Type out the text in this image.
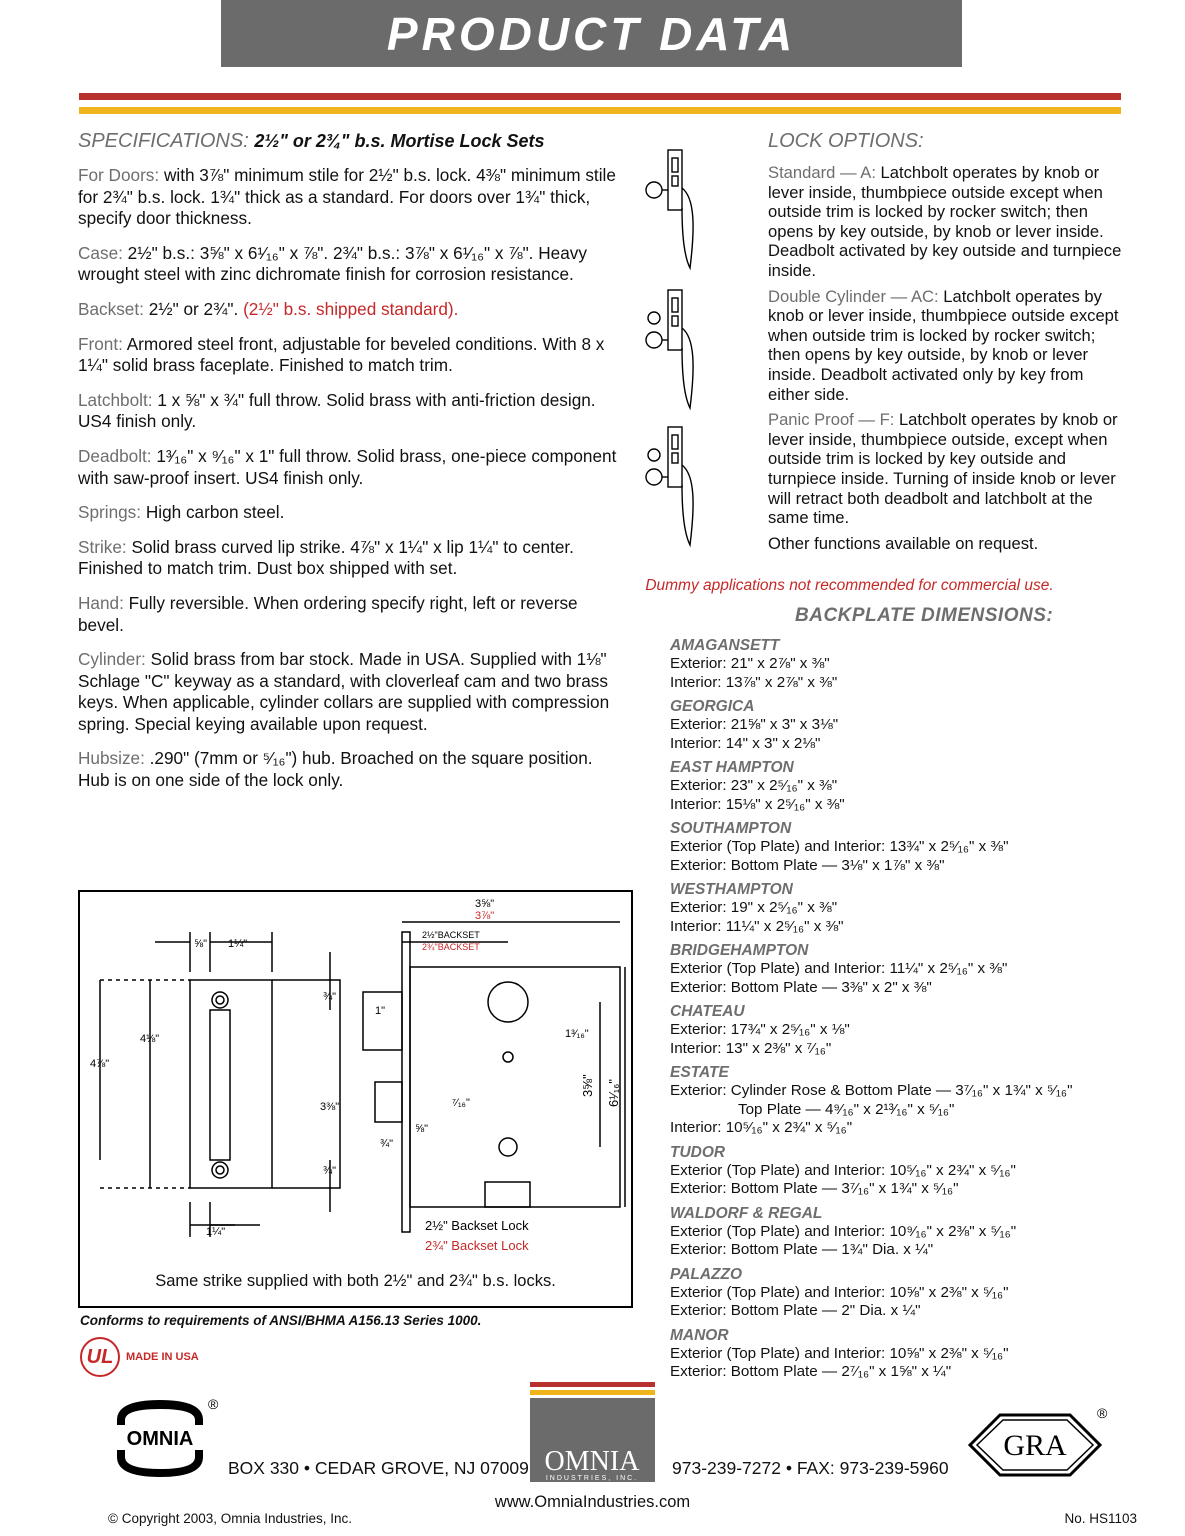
PRODUCT DATA
SPECIFICATIONS: 2½" or 2¾" b.s. Mortise Lock Sets
For Doors: with 3⅞" minimum stile for 2½" b.s. lock. 4⅜" minimum stile for 2¾" b.s. lock. 1¾" thick as a standard. For doors over 1¾" thick, specify door thickness.
Case: 2½" b.s.: 3⅝" x 6¹⁄₁₆" x ⅞". 2¾" b.s.: 3⅞" x 6¹⁄₁₆" x ⅞". Heavy wrought steel with zinc dichromate finish for corrosion resistance.
Backset: 2½" or 2¾". (2½" b.s. shipped standard).
Front: Armored steel front, adjustable for beveled conditions. With 8 x 1¼" solid brass faceplate. Finished to match trim.
Latchbolt: 1 x ⅝" x ¾" full throw. Solid brass with anti-friction design. US4 finish only.
Deadbolt: 1³⁄₁₆" x ⁹⁄₁₆" x 1" full throw. Solid brass, one-piece component with saw-proof insert. US4 finish only.
Springs: High carbon steel.
Strike: Solid brass curved lip strike. 4⅞" x 1¼" x lip 1¼" to center. Finished to match trim. Dust box shipped with set.
Hand: Fully reversible. When ordering specify right, left or reverse bevel.
Cylinder: Solid brass from bar stock. Made in USA. Supplied with 1⅛" Schlage "C" keyway as a standard, with cloverleaf cam and two brass keys. When applicable, cylinder collars are supplied with compression spring. Special keying available upon request.
Hubsize: .290" (7mm or ⁵⁄₁₆") hub. Broached on the square position. Hub is on one side of the lock only.
⅝" 1¼"
¾"
4⅛"
4⅞"
3⅜"
¾"
1¼"
3⅝"
3⅞"
2½"BACKSET
2¾"BACKSET
1"
1³⁄₁₆"
⁷⁄₁₆"
⅝"
¾"
3⅝" 6¹⁄₁₆"
2½" Backset Lock
2¾" Backset Lock
Same strike supplied with both 2½" and 2¾" b.s. locks.
Conforms to requirements of ANSI/BHMA A156.13 Series 1000.
UL	MADE IN USA
LOCK OPTIONS:
Standard — A: Latchbolt operates by knob or lever inside, thumbpiece outside except when outside trim is locked by rocker switch; then opens by key outside, by knob or lever inside. Deadbolt activated by key outside and turnpiece inside.
Double Cylinder — AC: Latchbolt operates by knob or lever inside, thumbpiece outside except when outside trim is locked by rocker switch; then opens by key outside, by knob or lever inside. Deadbolt activated only by key from either side.
Panic Proof — F: Latchbolt operates by knob or lever inside, thumbpiece outside, except when outside trim is locked by key outside and turnpiece inside. Turning of inside knob or lever will retract both deadbolt and latchbolt at the same time.
Other functions available on request.
Dummy applications not recommended for commercial use.
BACKPLATE DIMENSIONS:
AMAGANSETT
Exterior: 21" x 2⅞" x ⅜"
Interior: 13⅞" x 2⅞" x ⅜"
GEORGICA
Exterior: 21⅝" x 3" x 3⅛"
Interior: 14" x 3" x 2⅛"
EAST HAMPTON
Exterior: 23" x 2⁵⁄₁₆" x ⅜"
Interior: 15⅛" x 2⁵⁄₁₆" x ⅜"
SOUTHAMPTON
Exterior (Top Plate) and Interior: 13¾" x 2⁵⁄₁₆" x ⅜"
Exterior: Bottom Plate — 3⅛" x 1⅞" x ⅜"
WESTHAMPTON
Exterior: 19" x 2⁵⁄₁₆" x ⅜"
Interior: 11¼" x 2⁵⁄₁₆" x ⅜"
BRIDGEHAMPTON
Exterior (Top Plate) and Interior: 11¼" x 2⁵⁄₁₆" x ⅜"
Exterior: Bottom Plate — 3⅜" x 2" x ⅜"
CHATEAU
Exterior: 17¾" x 2⁵⁄₁₆" x ⅛"
Interior: 13" x 2⅜" x ⁷⁄₁₆"
ESTATE
Exterior: Cylinder Rose & Bottom Plate — 3⁷⁄₁₆" x 1¾" x ⁵⁄₁₆"
Top Plate — 4⁹⁄₁₆" x 2¹³⁄₁₆" x ⁵⁄₁₆"
Interior: 10⁵⁄₁₆" x 2¾" x ⁵⁄₁₆"
TUDOR
Exterior (Top Plate) and Interior: 10⁵⁄₁₆" x 2¾" x ⁵⁄₁₆"
Exterior: Bottom Plate — 3⁷⁄₁₆" x 1¾" x ⁵⁄₁₆"
WALDORF & REGAL
Exterior (Top Plate) and Interior: 10⁹⁄₁₆" x 2⅜" x ⁵⁄₁₆"
Exterior: Bottom Plate — 1¾" Dia. x ¼"
PALAZZO
Exterior (Top Plate) and Interior: 10⅝" x 2⅜" x ⁵⁄₁₆"
Exterior: Bottom Plate — 2" Dia. x ¼"
MANOR
Exterior (Top Plate) and Interior: 10⅝" x 2⅜" x ⁵⁄₁₆"
Exterior: Bottom Plate — 2⁷⁄₁₆" x 1⅝" x ¼"
OMNIA
®
OMNIA
INDUSTRIES, INC.
GRA
®
BOX 330 • CEDAR GROVE, NJ 07009	973-239-7272 • FAX: 973-239-5960
www.OmniaIndustries.com
© Copyright 2003, Omnia Industries, Inc.	No. HS1103
